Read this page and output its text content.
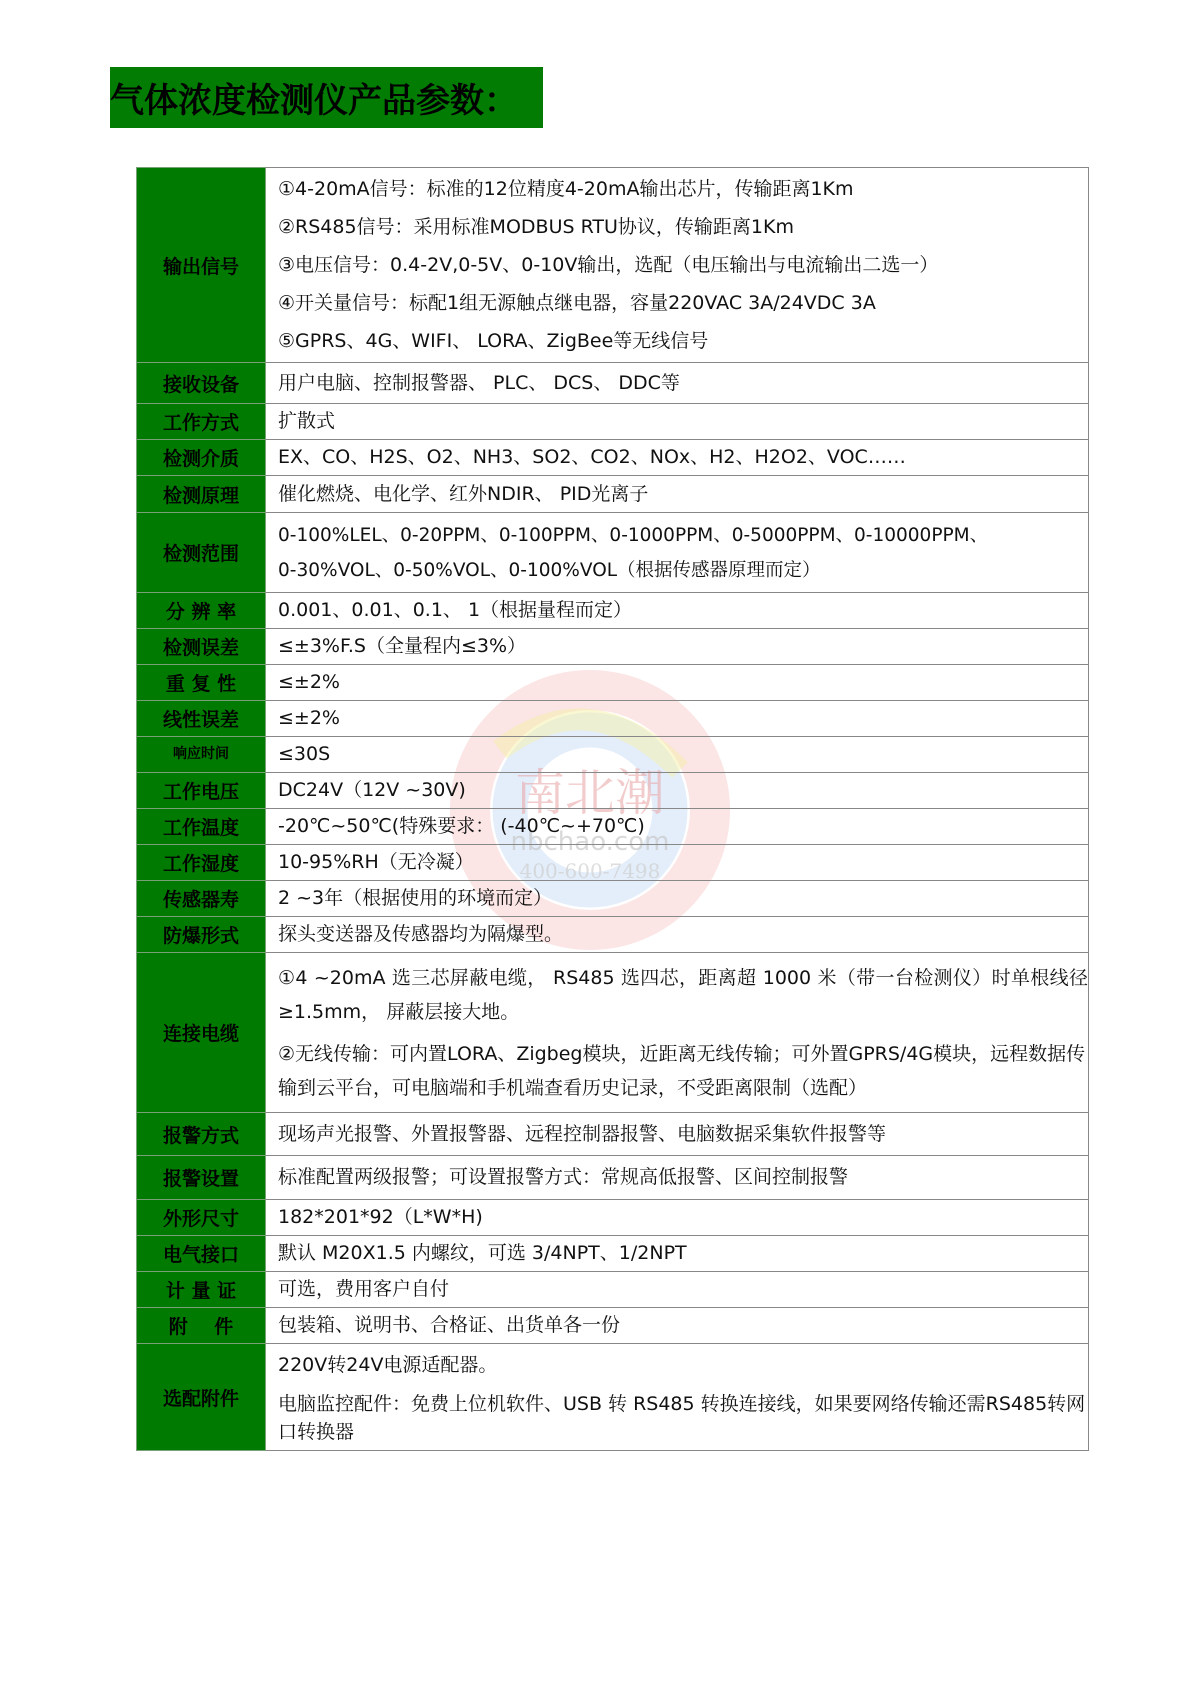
气体浓度检测仪产品参数：
南北潮
nbchao.com
400-600-7498
输出信号	①4-20mA信号：标准的12位精度4-20mA输出芯片，传输距离1Km
②RS485信号：采用标准MODBUS RTU协议，传输距离1Km
③电压信号：0.4-2V,0-5V、0-10V输出，选配（电压输出与电流输出二选一）
④开关量信号：标配1组无源触点继电器，容量220VAC 3A/24VDC 3A
⑤GPRS、4G、WIFI、 LORA、ZigBee等无线信号

接收设备	用户电脑、控制报警器、 PLC、 DCS、 DDC等
工作方式	扩散式
检测介质	EX、CO、H2S、O2、NH3、SO2、CO2、NOx、H2、H2O2、VOC……
检测原理	催化燃烧、电化学、红外NDIR、 PID光离子
检测范围	0-100%LEL、0-20PPM、0-100PPM、0-1000PPM、0-5000PPM、0-10000PPM、
0-30%VOL、0-50%VOL、0-100%VOL（根据传感器原理而定）

分 辨 率	0.001、0.01、0.1、 1（根据量程而定）
检测误差	≤±3%F.S（全量程内≤3%）
重 复 性	≤±2%
线性误差	≤±2%
响应时间	≤30S
工作电压	DC24V（12V ~30V)
工作温度	-20℃~50℃(特殊要求： (-40℃~+70℃)
工作湿度	10-95%RH（无冷凝）
传感器寿	2 ~3年（根据使用的环境而定）
防爆形式	探头变送器及传感器均为隔爆型。
连接电缆	①4 ~20mA 选三芯屏蔽电缆， RS485 选四芯，距离超 1000 米（带一台检测仪）时单根线径≥1.5mm， 屏蔽层接大地。
②无线传输：可内置LORA、Zigbeg模块，近距离无线传输；可外置GPRS/4G模块，远程数据传输到云平台，可电脑端和手机端查看历史记录，不受距离限制（选配）

报警方式	现场声光报警、外置报警器、远程控制器报警、电脑数据采集软件报警等
报警设置	标准配置两级报警；可设置报警方式：常规高低报警、区间控制报警
外形尺寸	182*201*92（L*W*H)
电气接口	默认 M20X1.5 内螺纹，可选 3/4NPT、1/2NPT
计 量 证	可选，费用客户自付
附    件	包装箱、说明书、合格证、出货单各一份
选配附件	220V转24V电源适配器。
电脑监控配件：免费上位机软件、USB 转 RS485 转换连接线，如果要网络传输还需RS485转网口转换器
